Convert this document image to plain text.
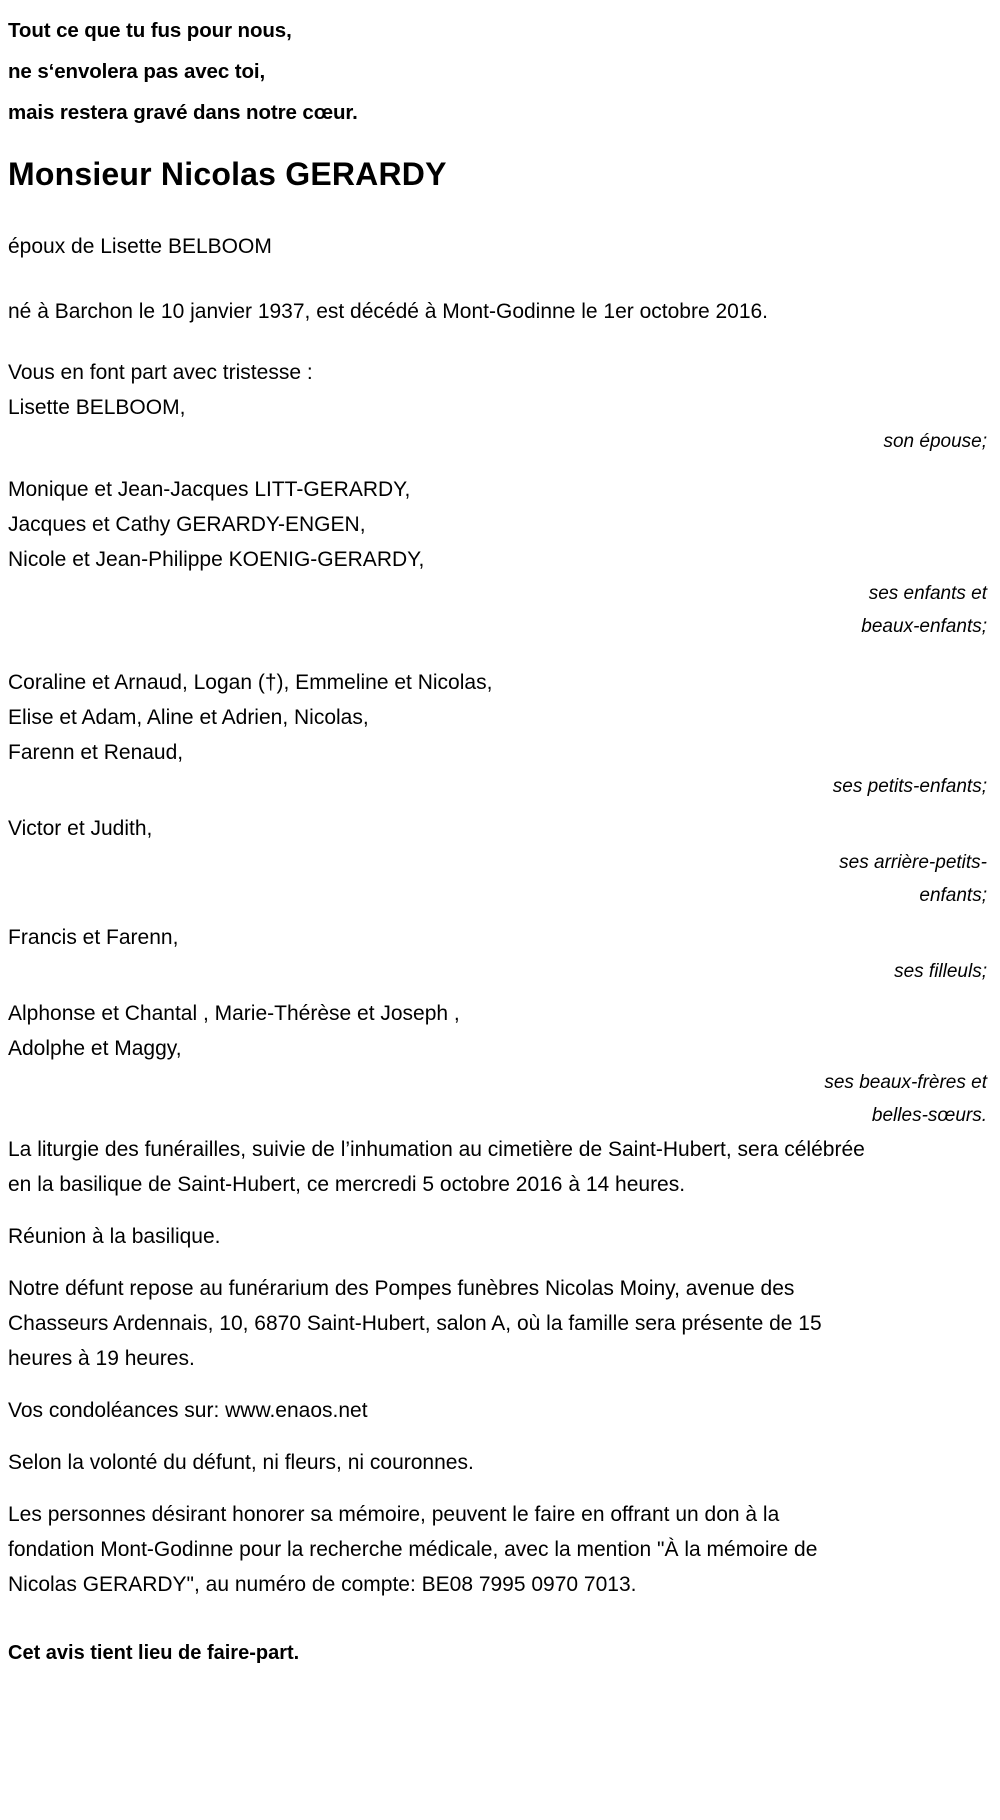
Tout ce que tu fus pour nous,
ne s‘envolera pas avec toi,
mais restera gravé dans notre cœur.
Monsieur Nicolas GERARDY

époux de Lisette BELBOOM

né à Barchon le 10 janvier 1937, est décédé à Mont-Godinne le 1er octobre 2016.

Vous en font part avec tristesse :

Lisette BELBOOM,
son épouse;
Monique et Jean-Jacques LITT-GERARDY,
Jacques et Cathy GERARDY-ENGEN,
Nicole et Jean-Philippe KOENIG-GERARDY,
ses enfants et
beaux-enfants;
Coraline et Arnaud, Logan (†), Emmeline et Nicolas,
Elise et Adam, Aline et Adrien, Nicolas,
Farenn et Renaud,
ses petits-enfants;
Victor et Judith,
ses arrière-petits-
enfants;
Francis et Farenn,
ses filleuls;
Alphonse et Chantal , Marie-Thérèse et Joseph ,
Adolphe et Maggy,
ses beaux-frères et
belles-sœurs.

La liturgie des funérailles, suivie de l’inhumation au cimetière de Saint-Hubert, sera célébrée en la basilique de Saint-Hubert, ce mercredi 5 octobre 2016 à 14 heures.

Réunion à la basilique.

Notre défunt repose au funérarium des Pompes funèbres Nicolas Moiny, avenue des Chasseurs Ardennais, 10, 6870 Saint-Hubert, salon A, où la famille sera présente de 15 heures à 19 heures.

Vos condoléances sur: www.enaos.net

Selon la volonté du défunt, ni fleurs, ni couronnes.

Les personnes désirant honorer sa mémoire, peuvent le faire en offrant un don à la fondation Mont-Godinne pour la recherche médicale, avec la mention "À la mémoire de Nicolas GERARDY", au numéro de compte: BE08 7995 0970 7013.

Cet avis tient lieu de faire-part.
